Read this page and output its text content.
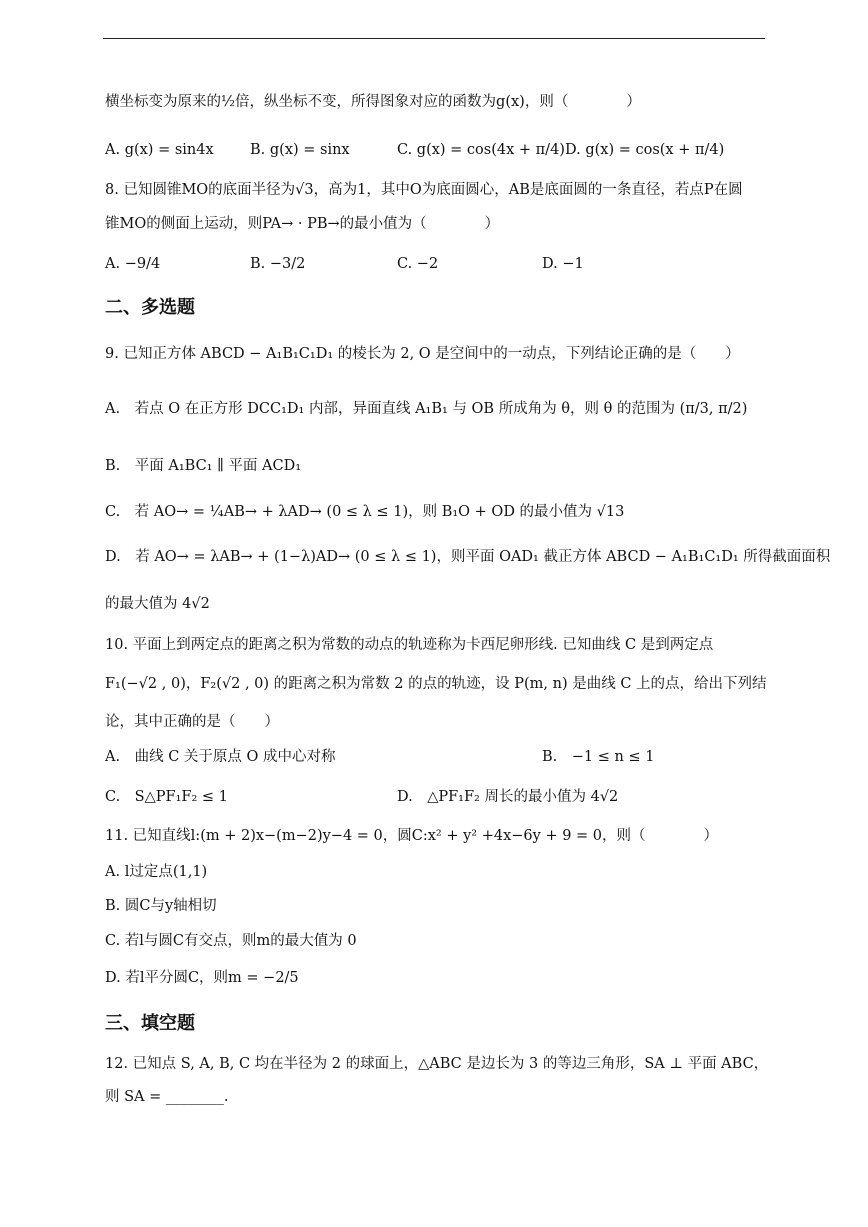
横坐标变为原来的½倍，纵坐标不变，所得图象对应的函数为g(x)，则（　　　　）
A. g(x) = sin4x	B. g(x) = sinx	C. g(x) = cos(4x + π/4) D. g(x) = cos(x + π/4)
8. 已知圆锥MO的底面半径为√3，高为1，其中O为底面圆心，AB是底面圆的一条直径，若点P在圆
锥MO的侧面上运动，则PA→ · PB→的最小值为（　　　　）
A. −9/4	B. −3/2	C. −2	D. −1
二、多选题
9. 已知正方体 ABCD − A₁B₁C₁D₁ 的棱长为 2, O 是空间中的一动点，下列结论正确的是（　　）
A.　若点 O 在正方形 DCC₁D₁ 内部，异面直线 A₁B₁ 与 OB 所成角为 θ，则 θ 的范围为 (π/3, π/2)
B.　平面 A₁BC₁ ∥ 平面 ACD₁
C.　若 AO→ = ¼AB→ + λAD→ (0 ≤ λ ≤ 1)，则 B₁O + OD 的最小值为 √13
D.　若 AO→ = λAB→ + (1−λ)AD→ (0 ≤ λ ≤ 1)，则平面 OAD₁ 截正方体 ABCD − A₁B₁C₁D₁ 所得截面面积
的最大值为 4√2
10. 平面上到两定点的距离之积为常数的动点的轨迹称为卡西尼卵形线. 已知曲线 C 是到两定点
F₁(−√2 , 0)，F₂(√2 , 0) 的距离之积为常数 2 的点的轨迹，设 P(m, n) 是曲线 C 上的点，给出下列结
论，其中正确的是（　　）
A.　曲线 C 关于原点 O 成中心对称	B.　−1 ≤ n ≤ 1
C.　S△PF₁F₂ ≤ 1	D.　△PF₁F₂ 周长的最小值为 4√2
11. 已知直线l:(m + 2)x−(m−2)y−4 = 0，圆C:x² + y² +4x−6y + 9 = 0，则（　　　　）
A. l过定点(1,1)
B. 圆C与y轴相切
C. 若l与圆C有交点，则m的最大值为 0
D. 若l平分圆C，则m = −2/5
三、填空题
12. 已知点 S, A, B, C 均在半径为 2 的球面上，△ABC 是边长为 3 的等边三角形，SA ⊥ 平面 ABC，
则 SA = ________.
